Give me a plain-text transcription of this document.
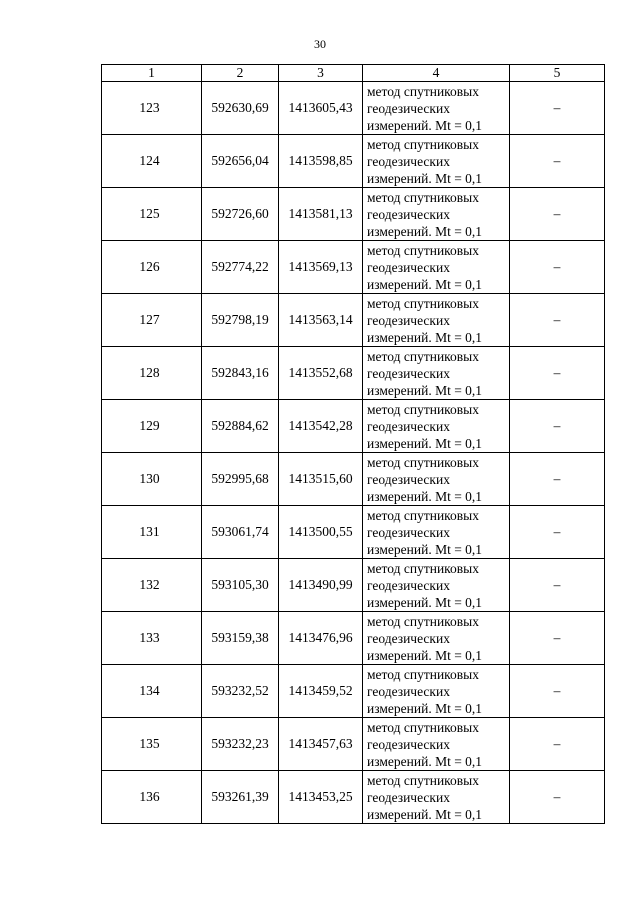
30
1	2	3	4	5
123	592630,69	1413605,43	метод спутниковых
геодезических
измерений. Mt = 0,1	–
124	592656,04	1413598,85	метод спутниковых
геодезических
измерений. Mt = 0,1	–
125	592726,60	1413581,13	метод спутниковых
геодезических
измерений. Mt = 0,1	–
126	592774,22	1413569,13	метод спутниковых
геодезических
измерений. Mt = 0,1	–
127	592798,19	1413563,14	метод спутниковых
геодезических
измерений. Mt = 0,1	–
128	592843,16	1413552,68	метод спутниковых
геодезических
измерений. Mt = 0,1	–
129	592884,62	1413542,28	метод спутниковых
геодезических
измерений. Mt = 0,1	–
130	592995,68	1413515,60	метод спутниковых
геодезических
измерений. Mt = 0,1	–
131	593061,74	1413500,55	метод спутниковых
геодезических
измерений. Mt = 0,1	–
132	593105,30	1413490,99	метод спутниковых
геодезических
измерений. Mt = 0,1	–
133	593159,38	1413476,96	метод спутниковых
геодезических
измерений. Mt = 0,1	–
134	593232,52	1413459,52	метод спутниковых
геодезических
измерений. Mt = 0,1	–
135	593232,23	1413457,63	метод спутниковых
геодезических
измерений. Mt = 0,1	–
136	593261,39	1413453,25	метод спутниковых
геодезических
измерений. Mt = 0,1	–
